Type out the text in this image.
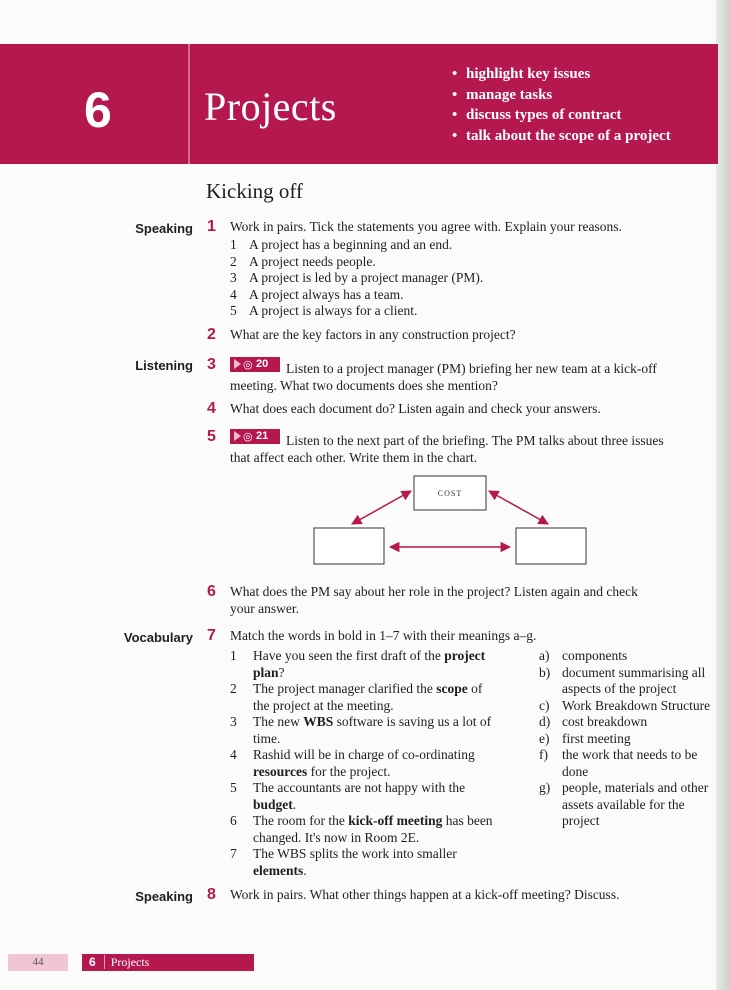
6 Projects
• highlight key issues
• manage tasks
• discuss types of contract
• talk about the scope of a project
Kicking off
Speaking 1 Work in pairs. Tick the statements you agree with. Explain your reasons.
1 A project has a beginning and an end.
2 A project needs people.
3 A project is led by a project manager (PM).
4 A project always has a team.
5 A project is always for a client.
2 What are the key factors in any construction project?
Listening 3 ◎ 20 Listen to a project manager (PM) briefing her new team at a kick-off
meeting. What two documents does she mention?
4 What does each document do? Listen again and check your answers.
5 ◎ 21 Listen to the next part of the briefing. The PM talks about three issues
that affect each other. Write them in the chart.
COST
6 What does the PM say about her role in the project? Listen again and check
your answer.
Vocabulary 7 Match the words in bold in 1–7 with their meanings a–g.
1 Have you seen the first draft of the project plan?
2 The project manager clarified the scope of the project at the meeting.
3 The new WBS software is saving us a lot of time.
4 Rashid will be in charge of co-ordinating resources for the project.
5 The accountants are not happy with the budget.
6 The room for the kick-off meeting has been changed. It's now in Room 2E.
7 The WBS splits the work into smaller elements.
a) components
b) document summarising all aspects of the project
c) Work Breakdown Structure
d) cost breakdown
e) first meeting
f) the work that needs to be done
g) people, materials and other assets available for the project
Speaking 8 Work in pairs. What other things happen at a kick-off meeting? Discuss.
44	6 Projects
